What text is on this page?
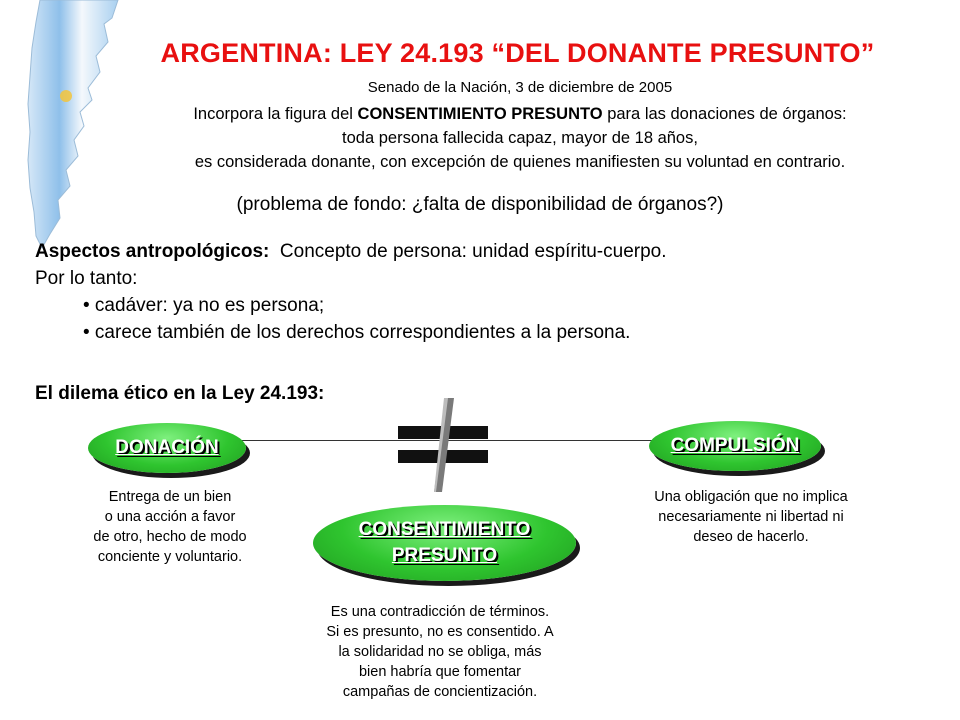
ARGENTINA: LEY 24.193 “DEL DONANTE PRESUNTO”
Senado de la Nación, 3 de diciembre de 2005
Incorpora la figura del CONSENTIMIENTO PRESUNTO para las donaciones de órganos:
toda persona fallecida capaz, mayor de 18 años,
es considerada donante, con excepción de quienes manifiesten su voluntad en contrario.
(problema de fondo: ¿falta de disponibilidad de órganos?)
Aspectos antropológicos:  Concepto de persona: unidad espíritu-cuerpo.
Por lo tanto:
• cadáver: ya no es persona;
• carece también de los derechos correspondientes a la persona.
El dilema ético en la Ley 24.193:
DONACIÓN	COMPULSIÓN
CONSENTIMIENTO
PRESUNTO
Entrega de un bien
o una acción a favor
de otro, hecho de modo
conciente y voluntario.
Una obligación que no implica
necesariamente ni libertad ni
deseo de hacerlo.
Es una contradicción de términos.
Si es presunto, no es consentido. A
la solidaridad no se obliga, más
bien habría que fomentar
campañas de concientización.
